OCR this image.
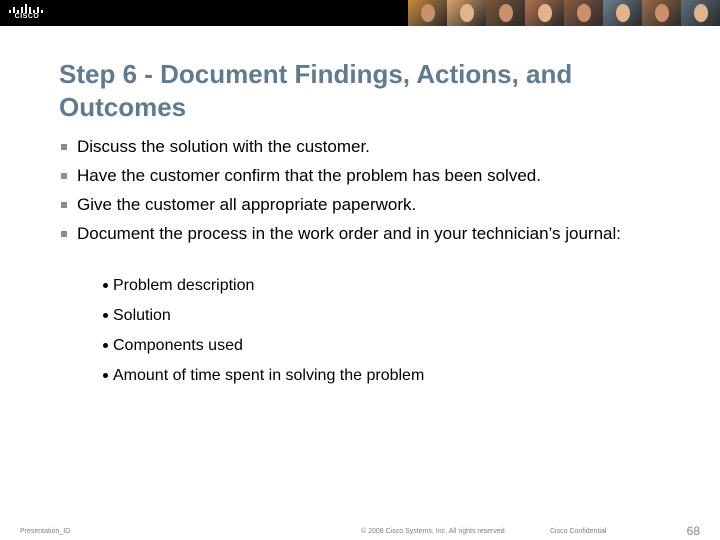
CISCO
Step 6 - Document Findings, Actions, and Outcomes
Discuss the solution with the customer.
Have the customer confirm that the problem has been solved.
Give the customer all appropriate paperwork.
Document the process in the work order and in your technician’s journal:
Problem description
Solution
Components used
Amount of time spent in solving the problem
Presentation_ID	© 2008 Cisco Systems, Inc. All rights reserved.	Cisco Confidential	68
